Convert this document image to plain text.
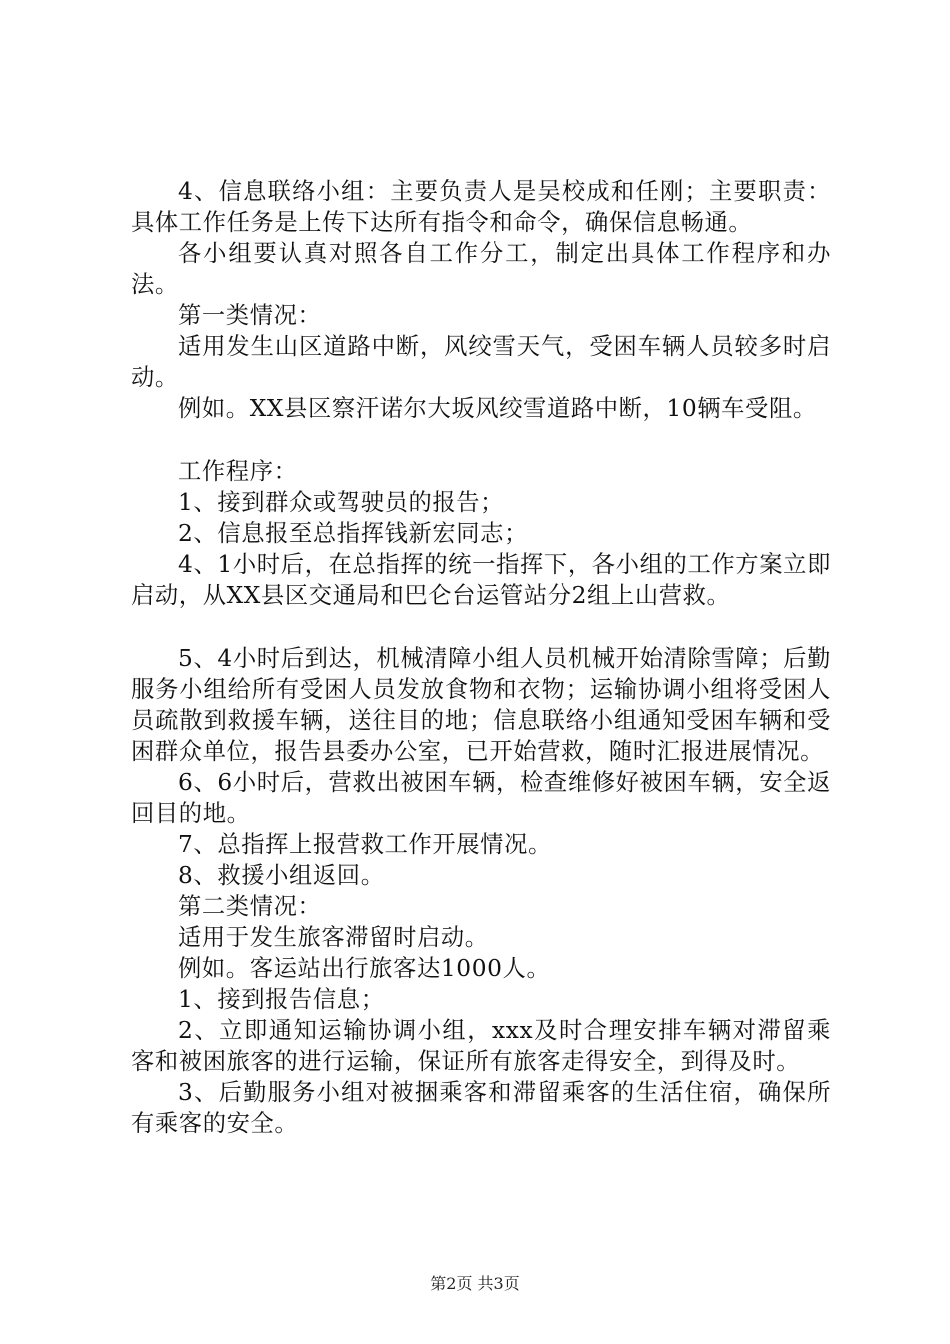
4、信息联络小组：主要负责人是吴校成和任刚；主要职责：具体工作任务是上传下达所有指令和命令，确保信息畅通。

各小组要认真对照各自工作分工，制定出具体工作程序和办法。

第一类情况：

适用发生山区道路中断，风绞雪天气，受困车辆人员较多时启动。

例如。XX县区察汗诺尔大坂风绞雪道路中断，10辆车受阻。

工作程序：

1、接到群众或驾驶员的报告；

2、信息报至总指挥钱新宏同志；

4、1小时后，在总指挥的统一指挥下，各小组的工作方案立即启动，从XX县区交通局和巴仑台运管站分2组上山营救。

5、4小时后到达，机械清障小组人员机械开始清除雪障；后勤服务小组给所有受困人员发放食物和衣物；运输协调小组将受困人员疏散到救援车辆，送往目的地；信息联络小组通知受困车辆和受困群众单位，报告县委办公室，已开始营救，随时汇报进展情况。

6、6小时后，营救出被困车辆，检查维修好被困车辆，安全返回目的地。

7、总指挥上报营救工作开展情况。

8、救援小组返回。

第二类情况：

适用于发生旅客滞留时启动。

例如。客运站出行旅客达1000人。

1、接到报告信息；

2、立即通知运输协调小组，xxx及时合理安排车辆对滞留乘客和被困旅客的进行运输，保证所有旅客走得安全，到得及时。

3、后勤服务小组对被捆乘客和滞留乘客的生活住宿，确保所有乘客的安全。

第2页 共3页
